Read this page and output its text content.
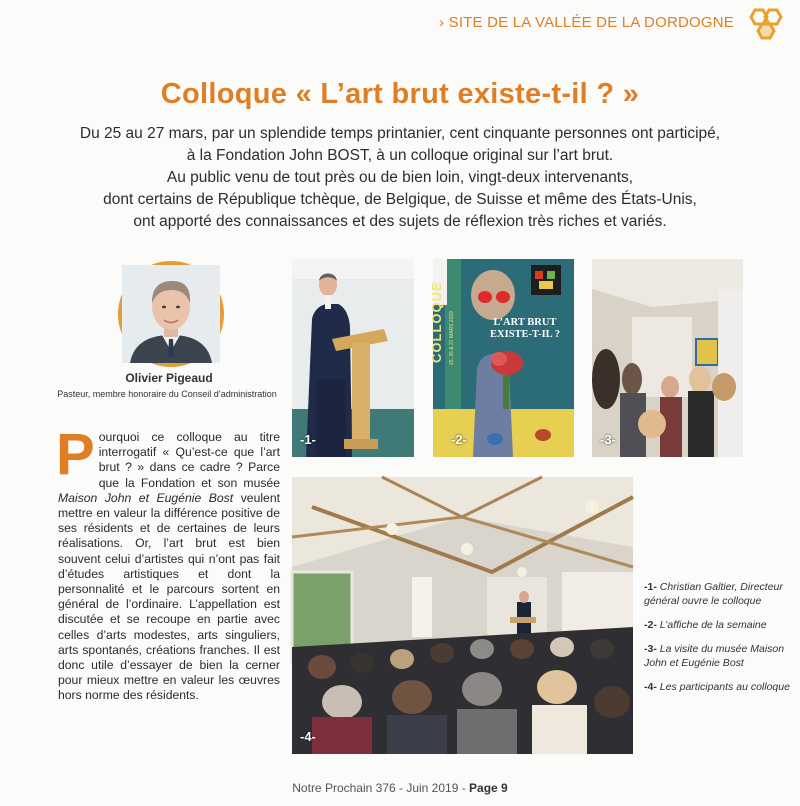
› SITE DE LA VALLÉE DE LA DORDOGNE
Colloque « L’art brut existe-t-il ? »
Du 25 au 27 mars, par un splendide temps printanier, cent cinquante personnes ont participé,
à la Fondation John BOST, à un colloque original sur l’art brut.
Au public venu de tout près ou de bien loin, vingt-deux intervenants,
dont certains de République tchèque, de Belgique, de Suisse et même des États-Unis,
ont apporté des connaissances et des sujets de réflexion très riches et variés.
Olivier Pigeaud
Pasteur, membre honoraire du Conseil d’administration
Pourquoi ce colloque au titre interrogatif « Qu’est-ce que l’art brut ? » dans ce cadre ? Parce que la Fondation et son musée Maison John et Eugénie Bost veulent mettre en valeur la différence positive de ses résidents et de certaines de leurs réalisations. Or, l’art brut est bien souvent celui d’artistes qui n’ont pas fait d’études artistiques et dont la personnalité et le parcours sortent en général de l’ordinaire. L’appellation est discutée et se recoupe en partie avec celles d’arts modestes, arts singuliers, arts spontanés, créations franches. Il est donc utile d’essayer de bien la cerner pour mieux mettre en valeur les œuvres hors norme des résidents.
-1-
COLLOQUE 25, 26 & 27 MARS 2019	L’ART BRUT
EXISTE-T-IL ?
-2-	-3-
-4-
-1- Christian Galtier, Directeur général ouvre le colloque
-2- L’affiche de la semaine
-3- La visite du musée Maison John et Eugénie Bost
-4- Les participants au colloque
Notre Prochain 376 - Juin 2019 - Page 9
